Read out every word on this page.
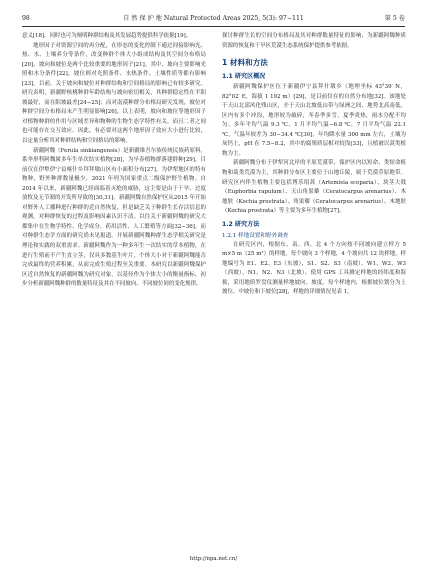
98	自 然 保 护 地 Natural Protected Areas 2025, 5(3): 97−111	第 5 卷

意义[18]。同时也可为阐明种群结构及其发展趋势提供科学依据[19]。

地形因子对资源空间的再分配，在形态的变化控制下通过间接影响光、热、水、土壤养分等条件，改变种群个体大小组成结构及其空间分布格局[20]。坡向和坡位是两个比较重要的地形因子[21]。其中，坡向主要影响光照和水分条件[22]，坡位则对光照条件、水热条件、土壤性质等都有影响[23]。目前，关于坡向和坡位对种群结构和空间格局的影响已有较多研究。研究表明，新疆野核桃种群年龄结构与坡向密切相关，其种群稳定性在半阳坡最好，而在阳坡最差[24−25]；而对南漠种群分布格局研究发现，坡位对种群空间分布格局未产生明显影响[26]。以上表明，坡向和坡位等地形因子对植物种群的作用与区域差异和物种的生物生态学特性有关，而且二者之间也可能存在交互效应。因此，有必要对这两个地形因子效应大小进行比较，以定量分析其对种群结构和空间格局的影响。

新疆阿魏（Ferula sinkiangensis）是新疆维吾尔族传统民族药原料，系伞形科阿魏属多年生单次结实植物[28]，为早春植物群落建群种[29]，目前仅在伊犁伊宁县喀什乡拜拜墩山区有小面积分布[27]，为伊犁地区的特有物种，野外种群数量极少，2021 年列为国家重点二级保护野生植物。自 2014 年以来，新疆阿魏已经面临着灭绝的威胁，这主要是由于干旱、过度放牧及无节制的开发所导致的[30,31]。新疆阿魏自然保护区从2015 年开始对野外人工播种进行种群的近自然恢复，但是缺乏关于种群生长存活信息的观测，对种群恢复的过程及影响因素认识不清。以往关于新疆阿魏的研究大都集中在生物学特性、化学成分、药用活性、人工繁殖等方面[32−36]，而对种群生态学方面的研究尚未见报道。开展新疆阿魏种群生态学相关研究是理论和实践的双重需求。新疆阿魏作为一种多年生一次结实的草本植物，在进行生殖前不产生直立茎，仅具多数基生叶片，个体大小对于新疆阿魏能否完成最终的营养积累，从而完成生殖过程至关重要。本研究以新疆阿魏保护区近自然恢复的新疆阿魏为研究对象，以基径作为个体大小的衡量指标，初步分析新疆阿魏种群的数量特征及其在不同坡向、不同坡位间的变化规律，

探讨种群生长的空间分布格局及其对种群数量特征的影响，为新疆阿魏种质资源的恢复和干旱区荒漠生态系统保护提供参考依据。

1 材料和方法
1.1 研究区概况

新疆阿魏保护区位于新疆伊宁县拜什墩乡（地理坐标 43°39′ N，82°02′ E，海拔 1 192 m）[29]，是目前仅存的自然分布地[32]。该地处于天山北部风化残山区，介于天山北坡低山带与绿洲之间，地势北高南低。区内有多个冲沟，地形较为破碎，冬春季多雪，夏季炎热，雨水分配不均匀。多年平均气温 9.3 ℃，1 月平均气温−6.8 ℃，7 月平均气温 22.1 ℃，气温年较差为 30−34.4 ℃[30]。年均降水量 300 mm 左右，土壤为灰钙土，pH 在 7.5−8.2，其中的腐殖质层相对较浅[33]，且植被以蒿类植物为主。

新疆阿魏分布于伊犁河北岸的平原荒漠带，保护区内以短命、类短命植物和蒿类荒漠为主，其种群分布区主要位于山地丘陵，属于荒漠草原地带。研究区内伴生植物主要包括博乐绢蒿（Artemisia scoparia）、块茎大戟（Euphorbia rapulum）、天山角果藜（Ceratocarpus arenarius）、木地肤（Kochia prostrata）、角果藜（Ceratocarpus arenarius）、木地肤（Kochia prostrata）等主要为多年生植物[27]。

1.2 研究方法
1.2.1 样地设置和野外调查

在研究区内，根据东、南、西、北 4 个方向按不同坡向建立样方 5 m×5 m（25 m²）的样地，每个坡向 3 个样地，4 个坡向共 12 块样地，样地编号为 E1、E2、E3（东坡），S1、S2、S3（南坡），W1、W2、W3（西坡），N1、N2、N3（北坡）。使用 GPS 工具测定样地的经纬度和海拔，采用地质罗盘仪测量样地坡向、坡度。每个样地内，根据坡位划分为上坡位、中坡位和下坡位[28]，样地的详细情况见表 1。

http://npa.net.cn/
